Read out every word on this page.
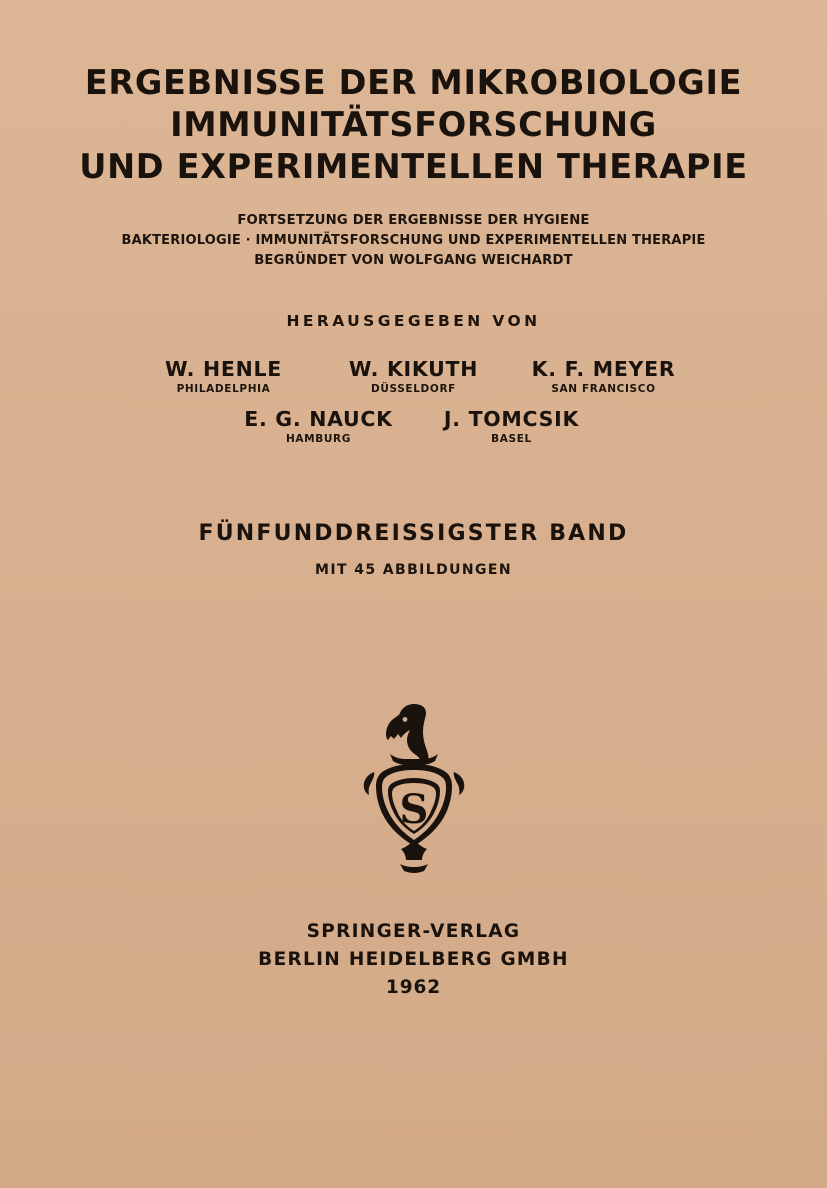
ERGEBNISSE DER MIKROBIOLOGIE
IMMUNITÄTSFORSCHUNG
UND EXPERIMENTELLEN THERAPIE
FORTSETZUNG DER ERGEBNISSE DER HYGIENE
BAKTERIOLOGIE · IMMUNITÄTSFORSCHUNG UND EXPERIMENTELLEN THERAPIE
BEGRÜNDET VON WOLFGANG WEICHARDT
HERAUSGEGEBEN VON
W. HENLE
PHILADELPHIA
W. KIKUTH
DÜSSELDORF
K. F. MEYER
SAN FRANCISCO
E. G. NAUCK
HAMBURG
J. TOMCSIK
BASEL
FÜNFUNDDREISSIGSTER BAND
MIT 45 ABBILDUNGEN
S
SPRINGER-VERLAG
BERLIN HEIDELBERG GMBH
1962
